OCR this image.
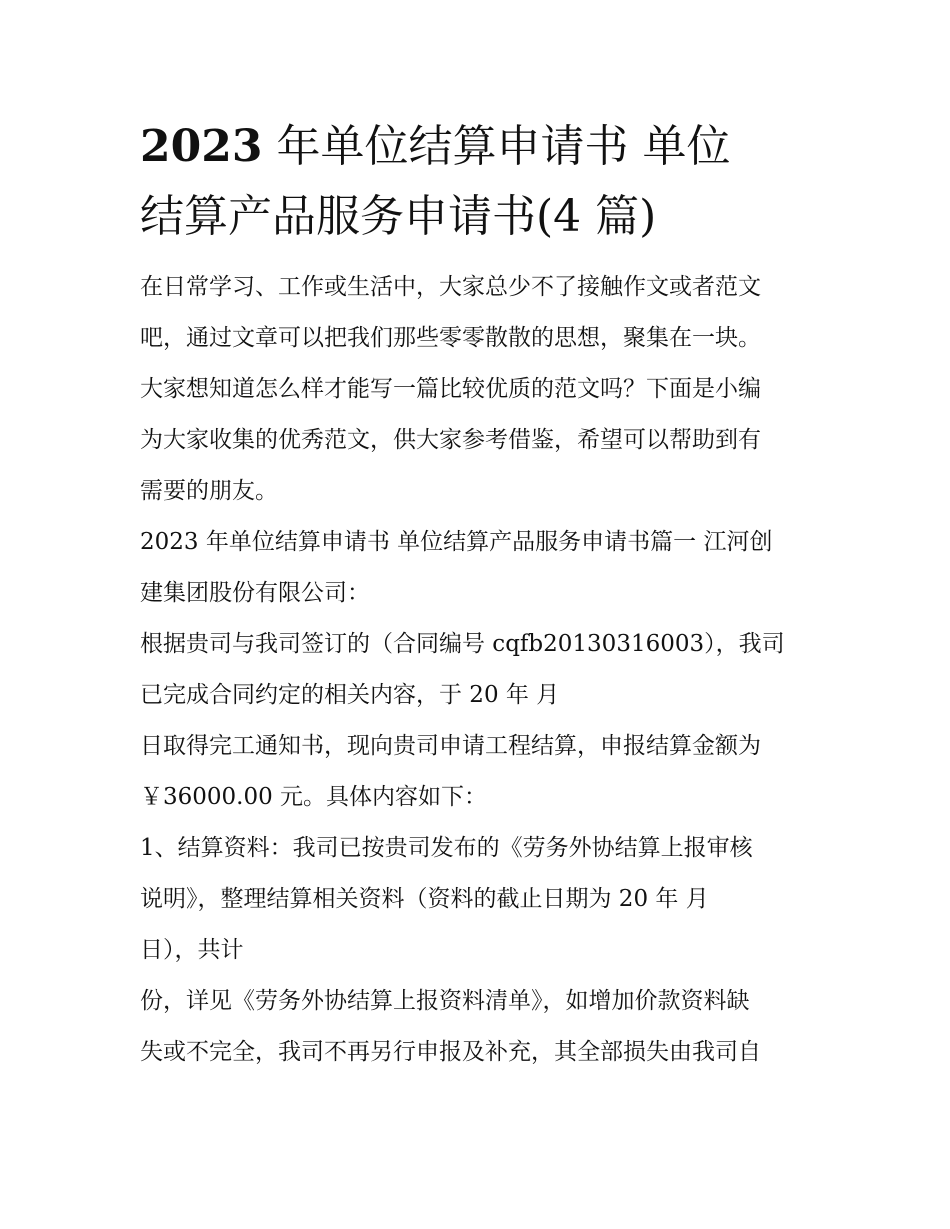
2023 年单位结算申请书 单位
结算产品服务申请书(4 篇)

在日常学习、工作或生活中，大家总少不了接触作文或者范文

吧，通过文章可以把我们那些零零散散的思想，聚集在一块。

大家想知道怎么样才能写一篇比较优质的范文吗？下面是小编

为大家收集的优秀范文，供大家参考借鉴，希望可以帮助到有

需要的朋友。

2023 年单位结算申请书 单位结算产品服务申请书篇一 江河创

建集团股份有限公司：

根据贵司与我司签订的（合同编号 cqfb20130316003），我司

已完成合同约定的相关内容，于 20 年 月

日取得完工通知书，现向贵司申请工程结算，申报结算金额为

￥36000.00 元。具体内容如下：

1、结算资料：我司已按贵司发布的《劳务外协结算上报审核

说明》，整理结算相关资料（资料的截止日期为 20 年 月

日），共计

份，详见《劳务外协结算上报资料清单》，如增加价款资料缺

失或不完全，我司不再另行申报及补充，其全部损失由我司自
